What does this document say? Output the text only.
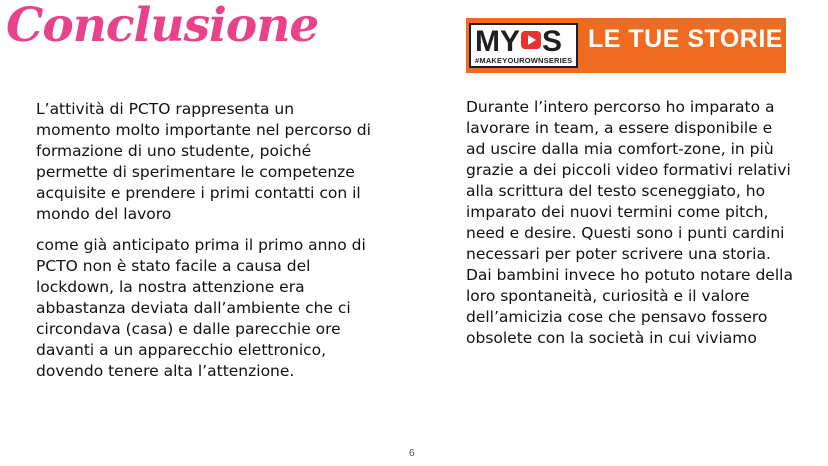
Conclusione	MY S
#MAKEYOUROWNSERIES
LE TUE STORIE

L’attività di PCTO rappresenta un momento molto importante nel percorso di formazione di uno studente, poiché permette di sperimentare le competenze acquisite e prendere i primi contatti con il mondo del lavoro

come già anticipato prima il primo anno di PCTO non è stato facile a causa del lockdown, la nostra attenzione era abbastanza deviata dall’ambiente che ci circondava (casa) e dalle parecchie ore davanti a un apparecchio elettronico, dovendo tenere alta l’attenzione.

Durante l’intero percorso ho imparato a lavorare in team, a essere disponibile e ad uscire dalla mia comfort-zone, in più grazie a dei piccoli video formativi relativi alla scrittura del testo sceneggiato, ho imparato dei nuovi termini come pitch, need e desire. Questi sono i punti cardini necessari per poter scrivere una storia. Dai bambini invece ho potuto notare della loro spontaneità, curiosità e il valore dell’amicizia cose che pensavo fossero obsolete con la società in cui viviamo

6
